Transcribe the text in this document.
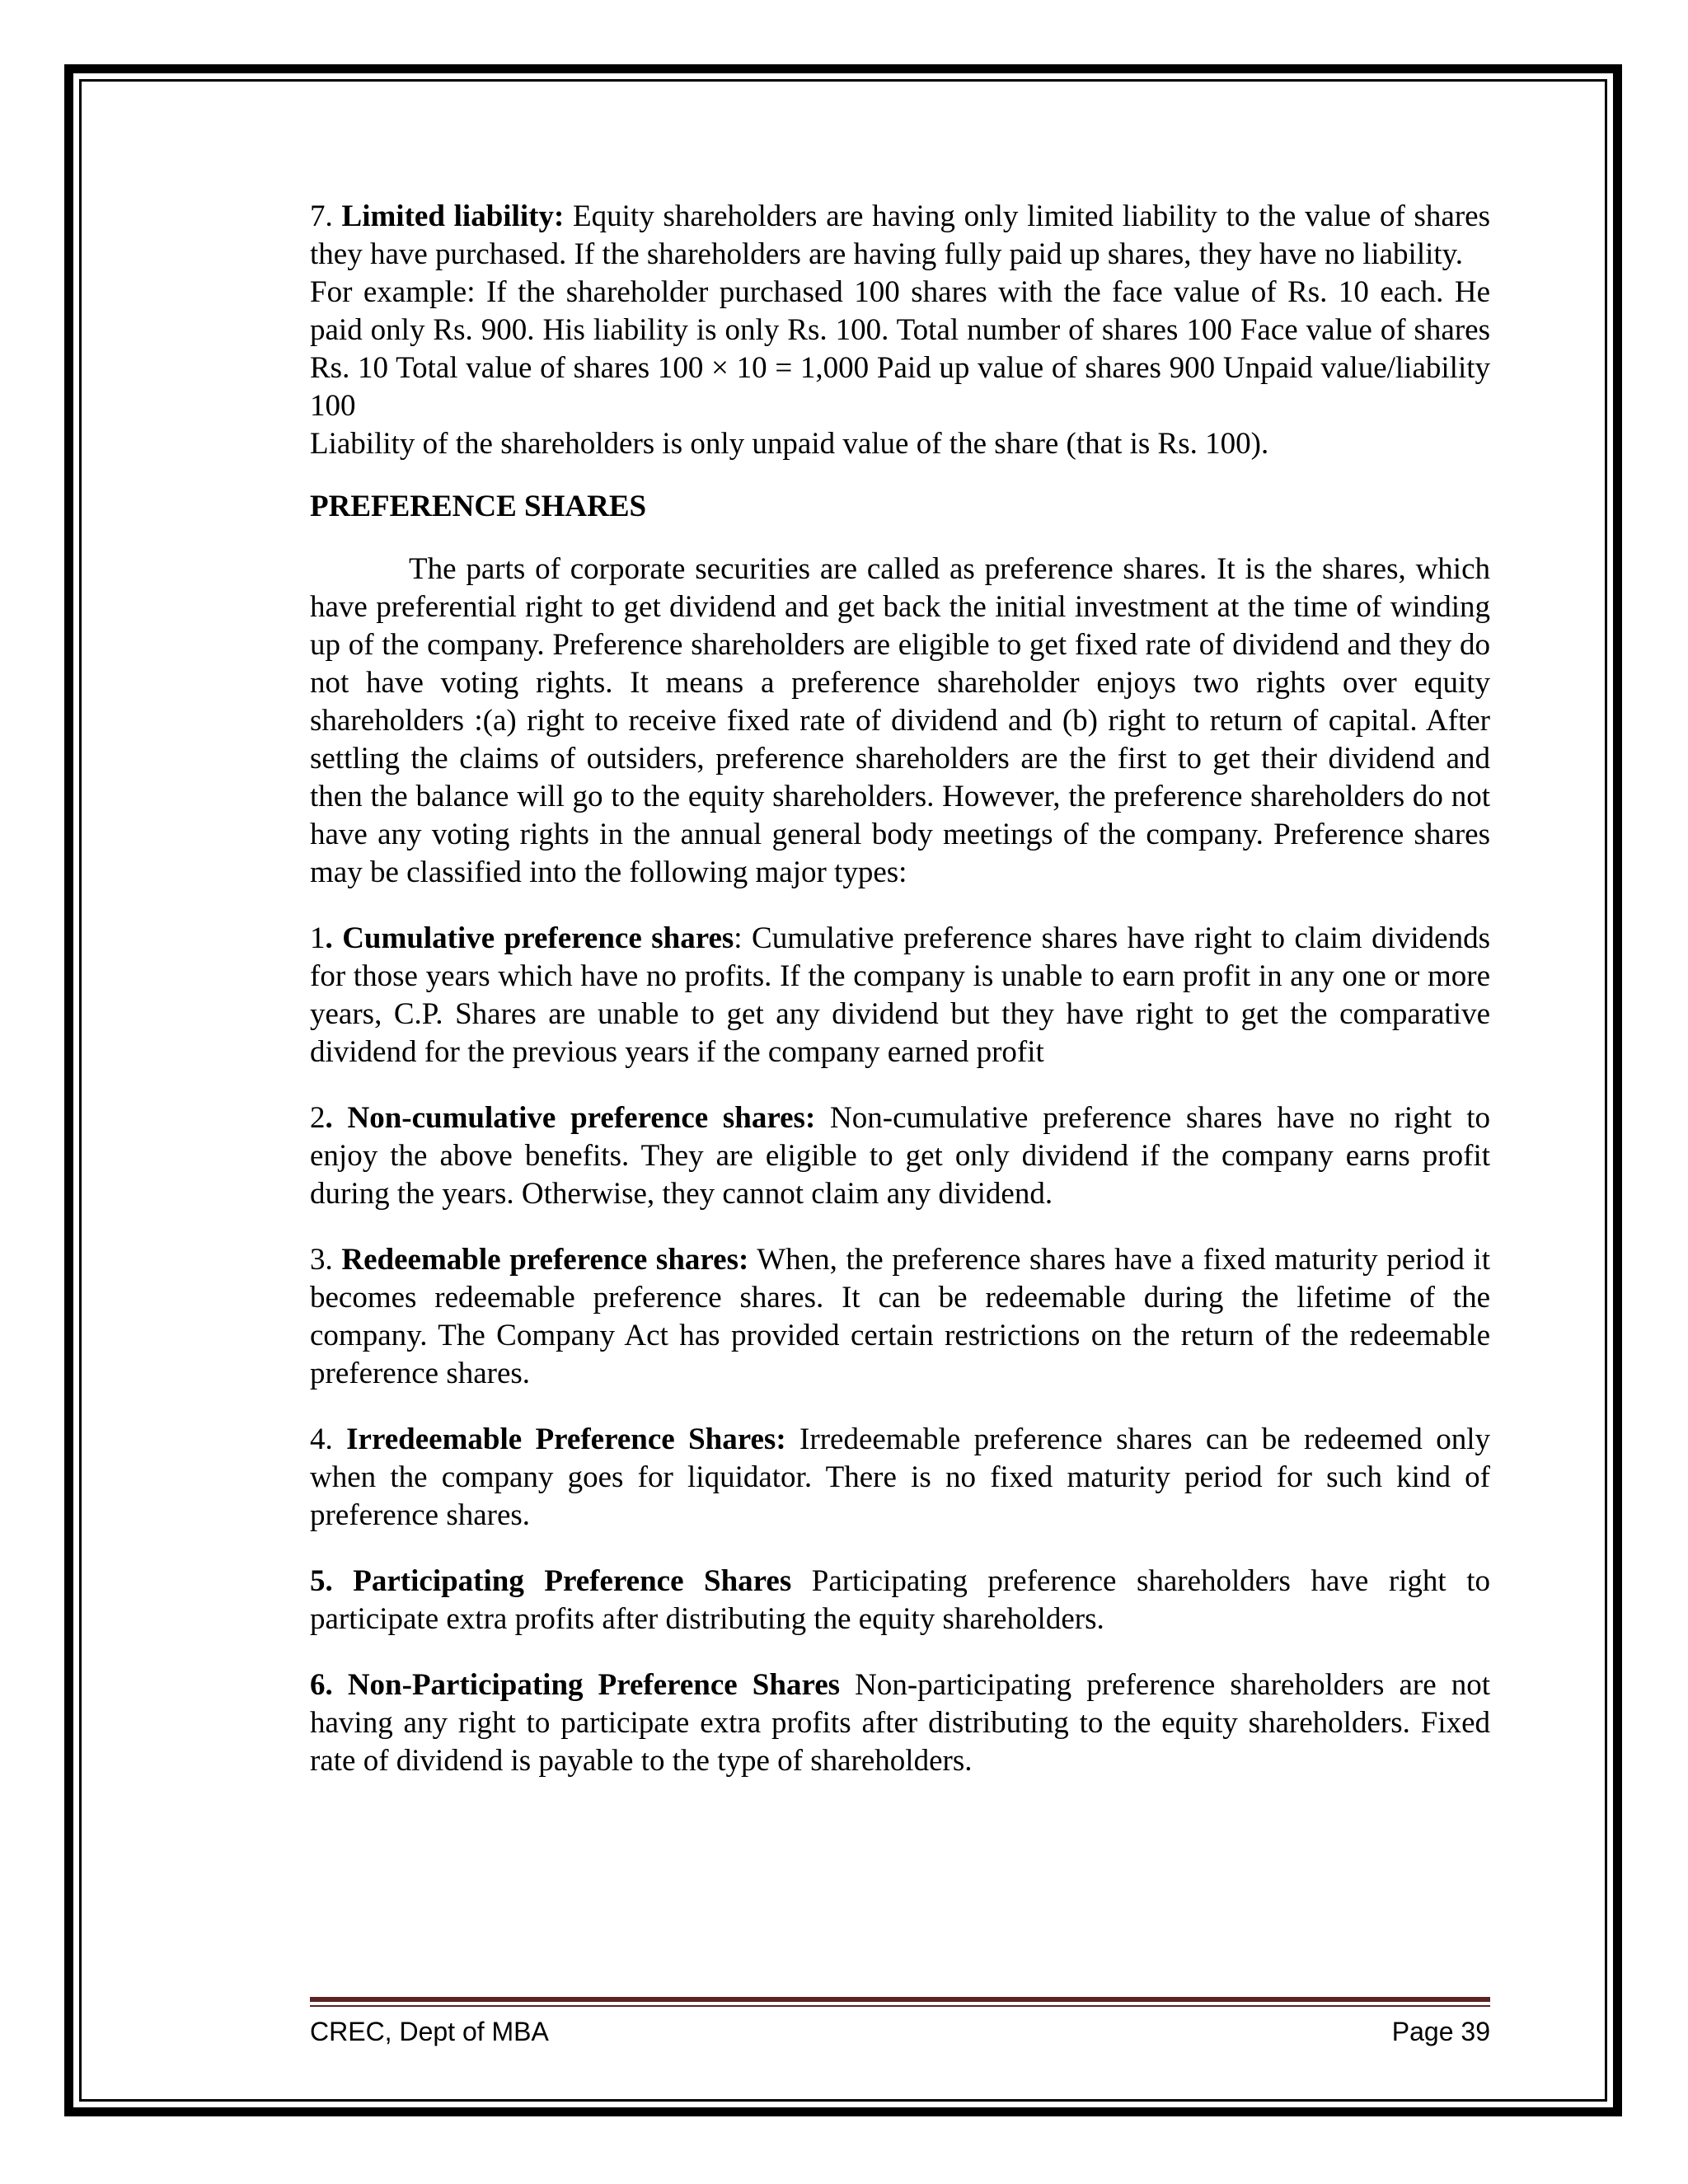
7. Limited liability: Equity shareholders are having only limited liability to the value of shares they have purchased. If the shareholders are having fully paid up shares, they have no liability.

For example: If the shareholder purchased 100 shares with the face value of Rs. 10 each. He paid only Rs. 900. His liability is only Rs. 100. Total number of shares 100 Face value of shares Rs. 10 Total value of shares 100 × 10 = 1,000 Paid up value of shares 900 Unpaid value/liability 100

Liability of the shareholders is only unpaid value of the share (that is Rs. 100).

PREFERENCE SHARES

The parts of corporate securities are called as preference shares. It is the shares, which have preferential right to get dividend and get back the initial investment at the time of winding up of the company. Preference shareholders are eligible to get fixed rate of dividend and they do not have voting rights. It means a preference shareholder enjoys two rights over equity shareholders :(a) right to receive fixed rate of dividend and (b) right to return of capital. After settling the claims of outsiders, preference shareholders are the first to get their dividend and then the balance will go to the equity shareholders. However, the preference shareholders do not have any voting rights in the annual general body meetings of the company. Preference shares may be classified into the following major types:

1. Cumulative preference shares: Cumulative preference shares have right to claim dividends for those years which have no profits. If the company is unable to earn profit in any one or more years, C.P. Shares are unable to get any dividend but they have right to get the comparative dividend for the previous years if the company earned profit

2. Non-cumulative preference shares: Non-cumulative preference shares have no right to enjoy the above benefits. They are eligible to get only dividend if the company earns profit during the years. Otherwise, they cannot claim any dividend.

3. Redeemable preference shares: When, the preference shares have a fixed maturity period it becomes redeemable preference shares. It can be redeemable during the lifetime of the company. The Company Act has provided certain restrictions on the return of the redeemable preference shares.

4. Irredeemable Preference Shares: Irredeemable preference shares can be redeemed only when the company goes for liquidator. There is no fixed maturity period for such kind of preference shares.

5. Participating Preference Shares Participating preference shareholders have right to participate extra profits after distributing the equity shareholders.

6. Non-Participating Preference Shares Non-participating preference shareholders are not having any right to participate extra profits after distributing to the equity shareholders. Fixed rate of dividend is payable to the type of shareholders.

CREC, Dept of MBA	Page 39
